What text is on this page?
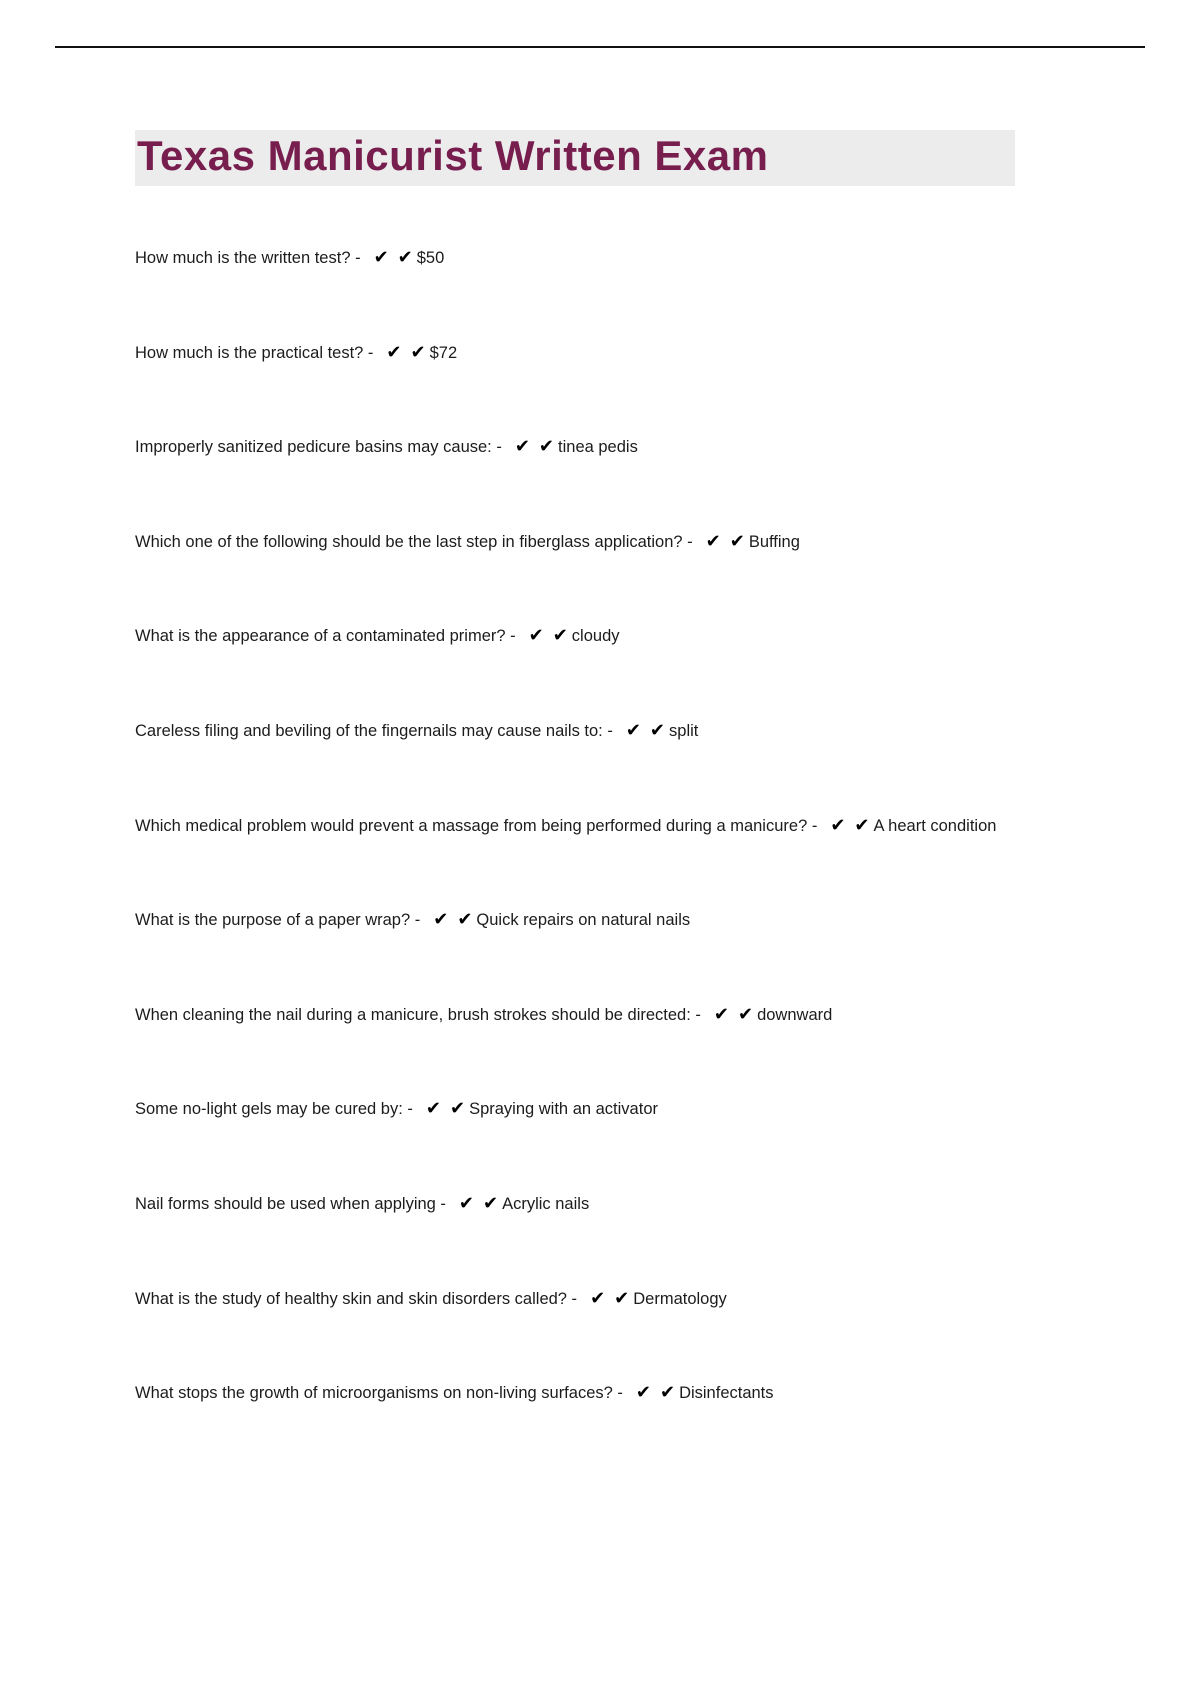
Texas Manicurist Written Exam
How much is the written test? - ✔ ✔ $50
How much is the practical test? - ✔ ✔ $72
Improperly sanitized pedicure basins may cause: - ✔ ✔ tinea pedis
Which one of the following should be the last step in fiberglass application? - ✔ ✔ Buffing
What is the appearance of a contaminated primer? - ✔ ✔ cloudy
Careless filing and beviling of the fingernails may cause nails to: - ✔ ✔ split
Which medical problem would prevent a massage from being performed during a manicure? - ✔ ✔ A heart condition
What is the purpose of a paper wrap? - ✔ ✔ Quick repairs on natural nails
When cleaning the nail during a manicure, brush strokes should be directed: - ✔ ✔ downward
Some no-light gels may be cured by: - ✔ ✔ Spraying with an activator
Nail forms should be used when applying - ✔ ✔ Acrylic nails
What is the study of healthy skin and skin disorders called? - ✔ ✔ Dermatology
What stops the growth of microorganisms on non-living surfaces? - ✔ ✔ Disinfectants
